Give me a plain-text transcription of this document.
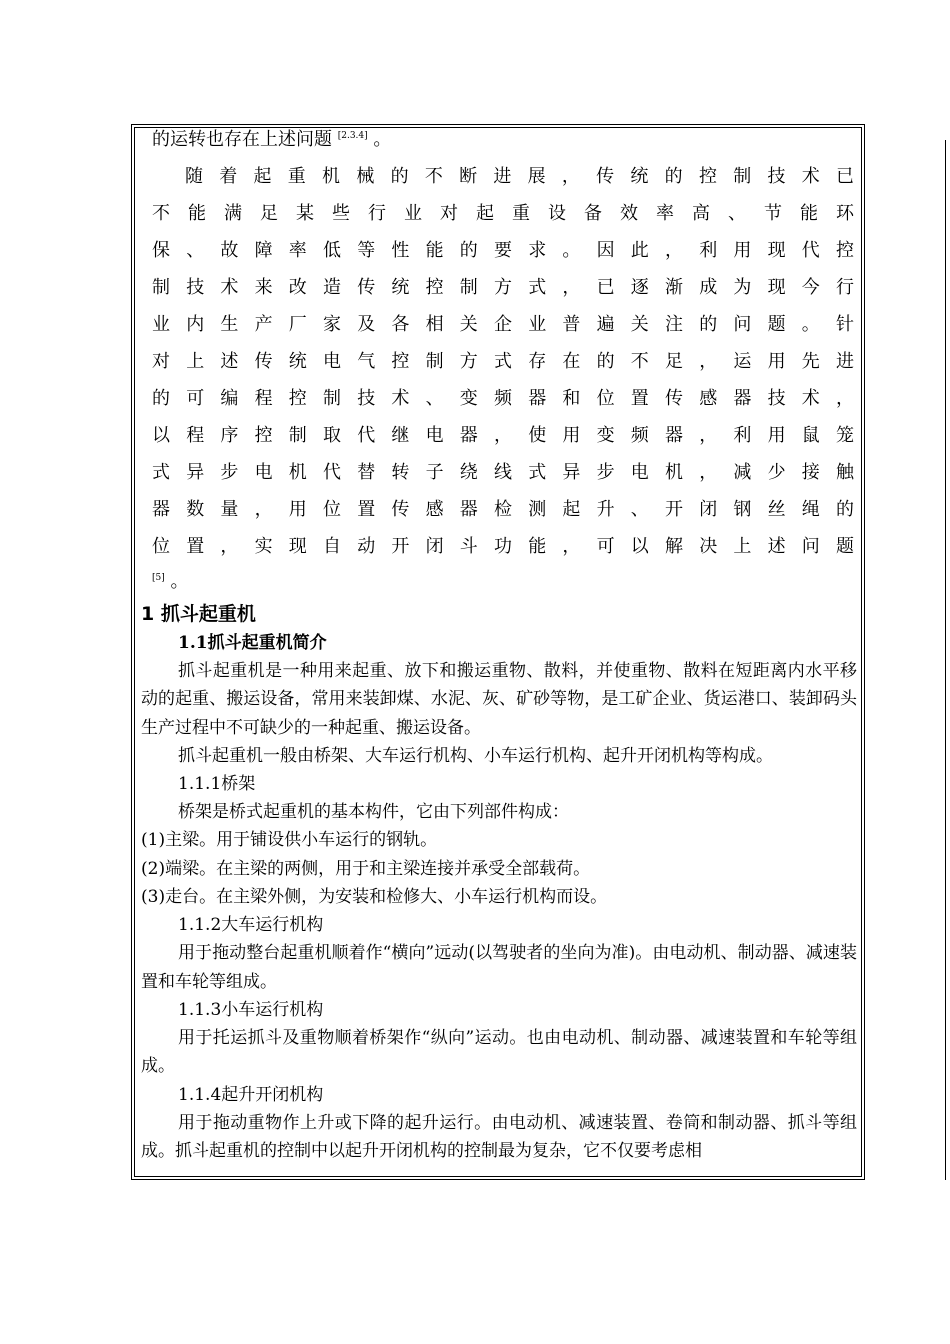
的运转也存在上述问题 [2.3.4] 。
随着起重机械的不断进展，传统的控制技术已
不能满足某些行业对起重设备效率高、节能环
保、故障率低等性能的要求。因此，利用现代控
制技术来改造传统控制方式，已逐渐成为现今行
业内生产厂家及各相关企业普遍关注的问题。针
对上述传统电气控制方式存在的不足，运用先进
的可编程控制技术、变频器和位置传感器技术，
以程序控制取代继电器，使用变频器，利用鼠笼
式异步电机代替转子绕线式异步电机，减少接触
器数量，用位置传感器检测起升、开闭钢丝绳的
位置，实现自动开闭斗功能，可以解决上述问题
[5] 。
1 抓斗起重机
1.1抓斗起重机简介
抓斗起重机是一种用来起重、放下和搬运重物、散料，并使重物、散料在短距离内水平移动的起重、搬运设备，常用来装卸煤、水泥、灰、矿砂等物，是工矿企业、货运港口、装卸码头生产过程中不可缺少的一种起重、搬运设备。
抓斗起重机一般由桥架、大车运行机构、小车运行机构、起升开闭机构等构成。
1.1.1桥架
桥架是桥式起重机的基本构件，它由下列部件构成：
(1)主梁。用于铺设供小车运行的钢轨。
(2)端梁。在主梁的两侧，用于和主梁连接并承受全部载荷。
(3)走台。在主梁外侧，为安装和检修大、小车运行机构而设。
1.1.2大车运行机构
用于拖动整台起重机顺着作“横向”远动(以驾驶者的坐向为准)。由电动机、制动器、减速装置和车轮等组成。
1.1.3小车运行机构
用于托运抓斗及重物顺着桥架作“纵向”运动。也由电动机、制动器、减速装置和车轮等组成。
1.1.4起升开闭机构
用于拖动重物作上升或下降的起升运行。由电动机、减速装置、卷筒和制动器、抓斗等组成。抓斗起重机的控制中以起升开闭机构的控制最为复杂，它不仅要考虑相
